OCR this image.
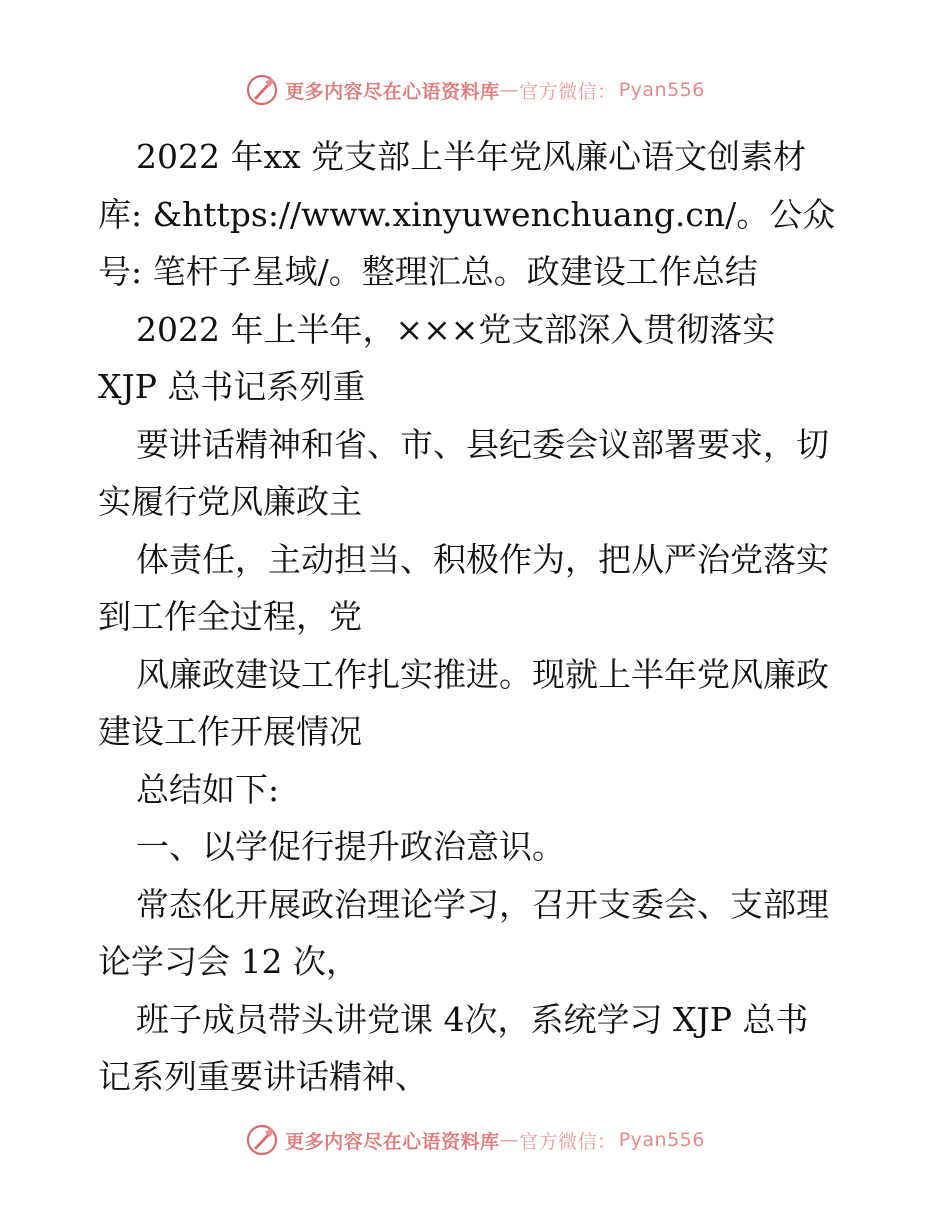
更多内容尽在心语资料库 — 官方微信： Pyan556

2022 年xx 党支部上半年党风廉心语文创素材
库: &https://www.xinyuwenchuang.cn/。公众
号: 笔杆子星域/。整理汇总。政建设工作总结

2022 年上半年，×××党支部深入贯彻落实
XJP 总书记系列重

要讲话精神和省、市、县纪委会议部署要求，切
实履行党风廉政主

体责任，主动担当、积极作为，把从严治党落实
到工作全过程，党

风廉政建设工作扎实推进。现就上半年党风廉政
建设工作开展情况

总结如下:

一、以学促行提升政治意识。

常态化开展政治理论学习，召开支委会、支部理
论学习会 12 次，

班子成员带头讲党课 4次，系统学习 XJP 总书
记系列重要讲话精神、

更多内容尽在心语资料库 — 官方微信： Pyan556
